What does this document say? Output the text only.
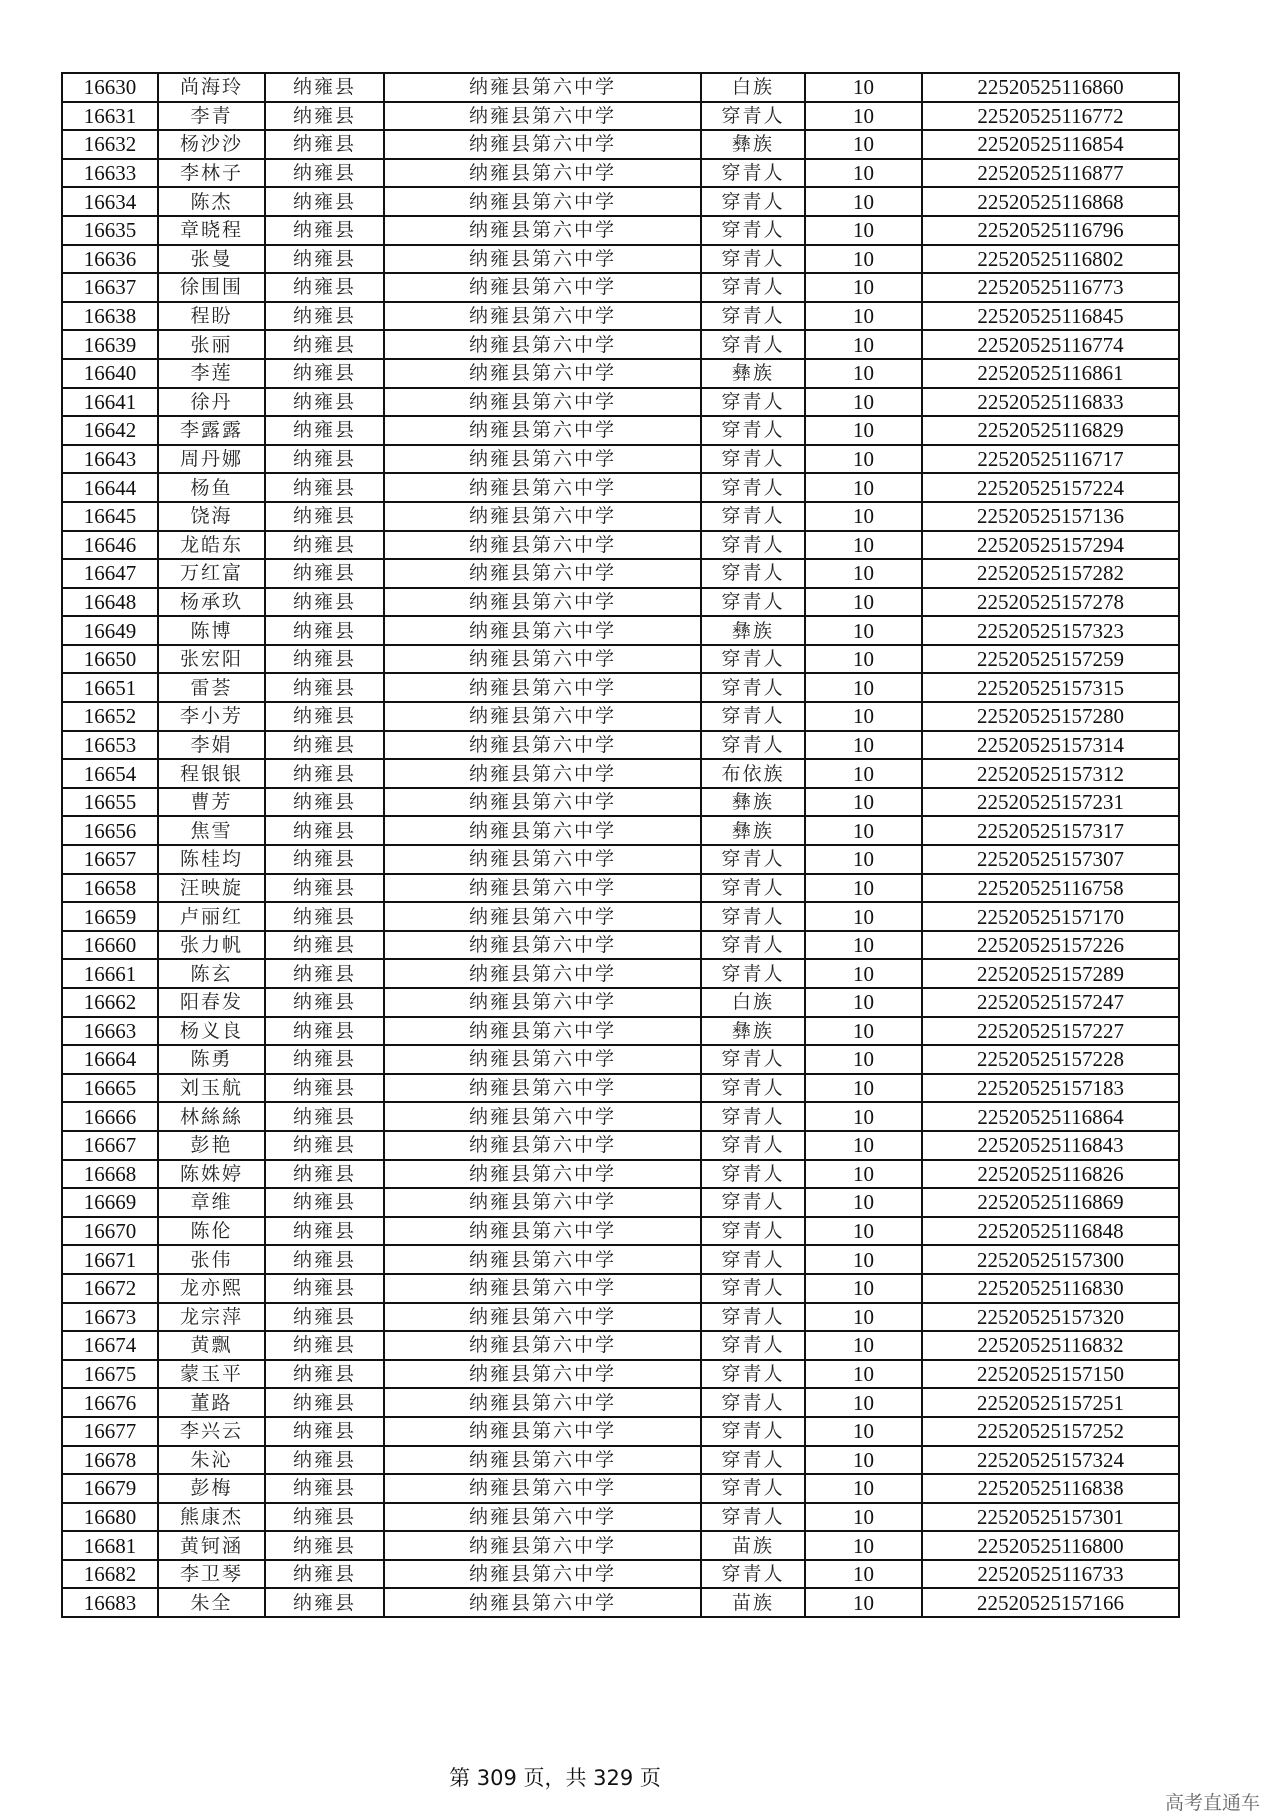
16630	尚海玲	纳雍县	纳雍县第六中学	白族	10	22520525116860
16631	李青	纳雍县	纳雍县第六中学	穿青人	10	22520525116772
16632	杨沙沙	纳雍县	纳雍县第六中学	彝族	10	22520525116854
16633	李林子	纳雍县	纳雍县第六中学	穿青人	10	22520525116877
16634	陈杰	纳雍县	纳雍县第六中学	穿青人	10	22520525116868
16635	章晓程	纳雍县	纳雍县第六中学	穿青人	10	22520525116796
16636	张曼	纳雍县	纳雍县第六中学	穿青人	10	22520525116802
16637	徐围围	纳雍县	纳雍县第六中学	穿青人	10	22520525116773
16638	程盼	纳雍县	纳雍县第六中学	穿青人	10	22520525116845
16639	张丽	纳雍县	纳雍县第六中学	穿青人	10	22520525116774
16640	李莲	纳雍县	纳雍县第六中学	彝族	10	22520525116861
16641	徐丹	纳雍县	纳雍县第六中学	穿青人	10	22520525116833
16642	李露露	纳雍县	纳雍县第六中学	穿青人	10	22520525116829
16643	周丹娜	纳雍县	纳雍县第六中学	穿青人	10	22520525116717
16644	杨鱼	纳雍县	纳雍县第六中学	穿青人	10	22520525157224
16645	饶海	纳雍县	纳雍县第六中学	穿青人	10	22520525157136
16646	龙皓东	纳雍县	纳雍县第六中学	穿青人	10	22520525157294
16647	万红富	纳雍县	纳雍县第六中学	穿青人	10	22520525157282
16648	杨承玖	纳雍县	纳雍县第六中学	穿青人	10	22520525157278
16649	陈博	纳雍县	纳雍县第六中学	彝族	10	22520525157323
16650	张宏阳	纳雍县	纳雍县第六中学	穿青人	10	22520525157259
16651	雷荟	纳雍县	纳雍县第六中学	穿青人	10	22520525157315
16652	李小芳	纳雍县	纳雍县第六中学	穿青人	10	22520525157280
16653	李娟	纳雍县	纳雍县第六中学	穿青人	10	22520525157314
16654	程银银	纳雍县	纳雍县第六中学	布依族	10	22520525157312
16655	曹芳	纳雍县	纳雍县第六中学	彝族	10	22520525157231
16656	焦雪	纳雍县	纳雍县第六中学	彝族	10	22520525157317
16657	陈桂均	纳雍县	纳雍县第六中学	穿青人	10	22520525157307
16658	汪映旋	纳雍县	纳雍县第六中学	穿青人	10	22520525116758
16659	卢丽红	纳雍县	纳雍县第六中学	穿青人	10	22520525157170
16660	张力帆	纳雍县	纳雍县第六中学	穿青人	10	22520525157226
16661	陈玄	纳雍县	纳雍县第六中学	穿青人	10	22520525157289
16662	阳春发	纳雍县	纳雍县第六中学	白族	10	22520525157247
16663	杨义良	纳雍县	纳雍县第六中学	彝族	10	22520525157227
16664	陈勇	纳雍县	纳雍县第六中学	穿青人	10	22520525157228
16665	刘玉航	纳雍县	纳雍县第六中学	穿青人	10	22520525157183
16666	林絲絲	纳雍县	纳雍县第六中学	穿青人	10	22520525116864
16667	彭艳	纳雍县	纳雍县第六中学	穿青人	10	22520525116843
16668	陈姝婷	纳雍县	纳雍县第六中学	穿青人	10	22520525116826
16669	章维	纳雍县	纳雍县第六中学	穿青人	10	22520525116869
16670	陈伦	纳雍县	纳雍县第六中学	穿青人	10	22520525116848
16671	张伟	纳雍县	纳雍县第六中学	穿青人	10	22520525157300
16672	龙亦熙	纳雍县	纳雍县第六中学	穿青人	10	22520525116830
16673	龙宗萍	纳雍县	纳雍县第六中学	穿青人	10	22520525157320
16674	黄飘	纳雍县	纳雍县第六中学	穿青人	10	22520525116832
16675	蒙玉平	纳雍县	纳雍县第六中学	穿青人	10	22520525157150
16676	董路	纳雍县	纳雍县第六中学	穿青人	10	22520525157251
16677	李兴云	纳雍县	纳雍县第六中学	穿青人	10	22520525157252
16678	朱沁	纳雍县	纳雍县第六中学	穿青人	10	22520525157324
16679	彭梅	纳雍县	纳雍县第六中学	穿青人	10	22520525116838
16680	熊康杰	纳雍县	纳雍县第六中学	穿青人	10	22520525157301
16681	黄钶涵	纳雍县	纳雍县第六中学	苗族	10	22520525116800
16682	李卫琴	纳雍县	纳雍县第六中学	穿青人	10	22520525116733
16683	朱全	纳雍县	纳雍县第六中学	苗族	10	22520525157166
第 309 页，共 329 页
高考直通车
